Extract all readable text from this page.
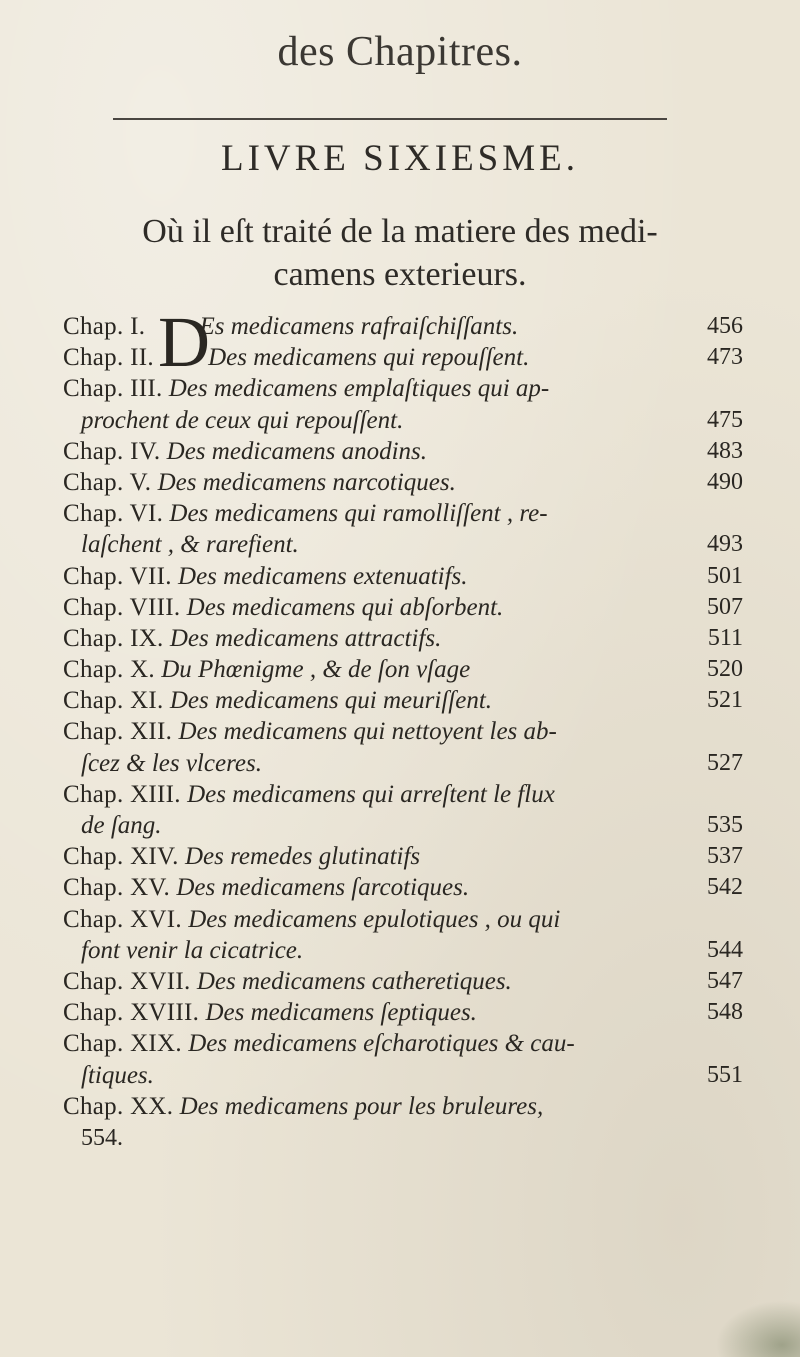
des Chapitres.
LIVRE SIXIESME.
Où il eſt traité de la matiere des medi-
camens exterieurs.
Chap. I. D
Es medicamens rafraiſchiſſants.	456
Chap. II. Des medicamens qui repouſſent.	473
Chap. III. Des medicamens emplaſtiques qui ap-
prochent de ceux qui repouſſent.	475
Chap. IV. Des medicamens anodins.	483
Chap. V. Des medicamens narcotiques.	490
Chap. VI. Des medicamens qui ramolliſſent , re-
laſchent , & rarefient.	493
Chap. VII. Des medicamens extenuatifs.	501
Chap. VIII. Des medicamens qui abſorbent.	507
Chap. IX. Des medicamens attractifs.	511
Chap. X. Du Phœnigme , & de ſon vſage	520
Chap. XI. Des medicamens qui meuriſſent.	521
Chap. XII. Des medicamens qui nettoyent les ab-
ſcez & les vlceres.	527
Chap. XIII. Des medicamens qui arreſtent le flux
de ſang.	535
Chap. XIV. Des remedes glutinatifs	537
Chap. XV. Des medicamens ſarcotiques.	542
Chap. XVI. Des medicamens epulotiques , ou qui
font venir la cicatrice.	544
Chap. XVII. Des medicamens catheretiques.	547
Chap. XVIII. Des medicamens ſeptiques.	548
Chap. XIX. Des medicamens eſcharotiques & cau-
ſtiques.	551
Chap. XX. Des medicamens pour les bruleures,
554.
